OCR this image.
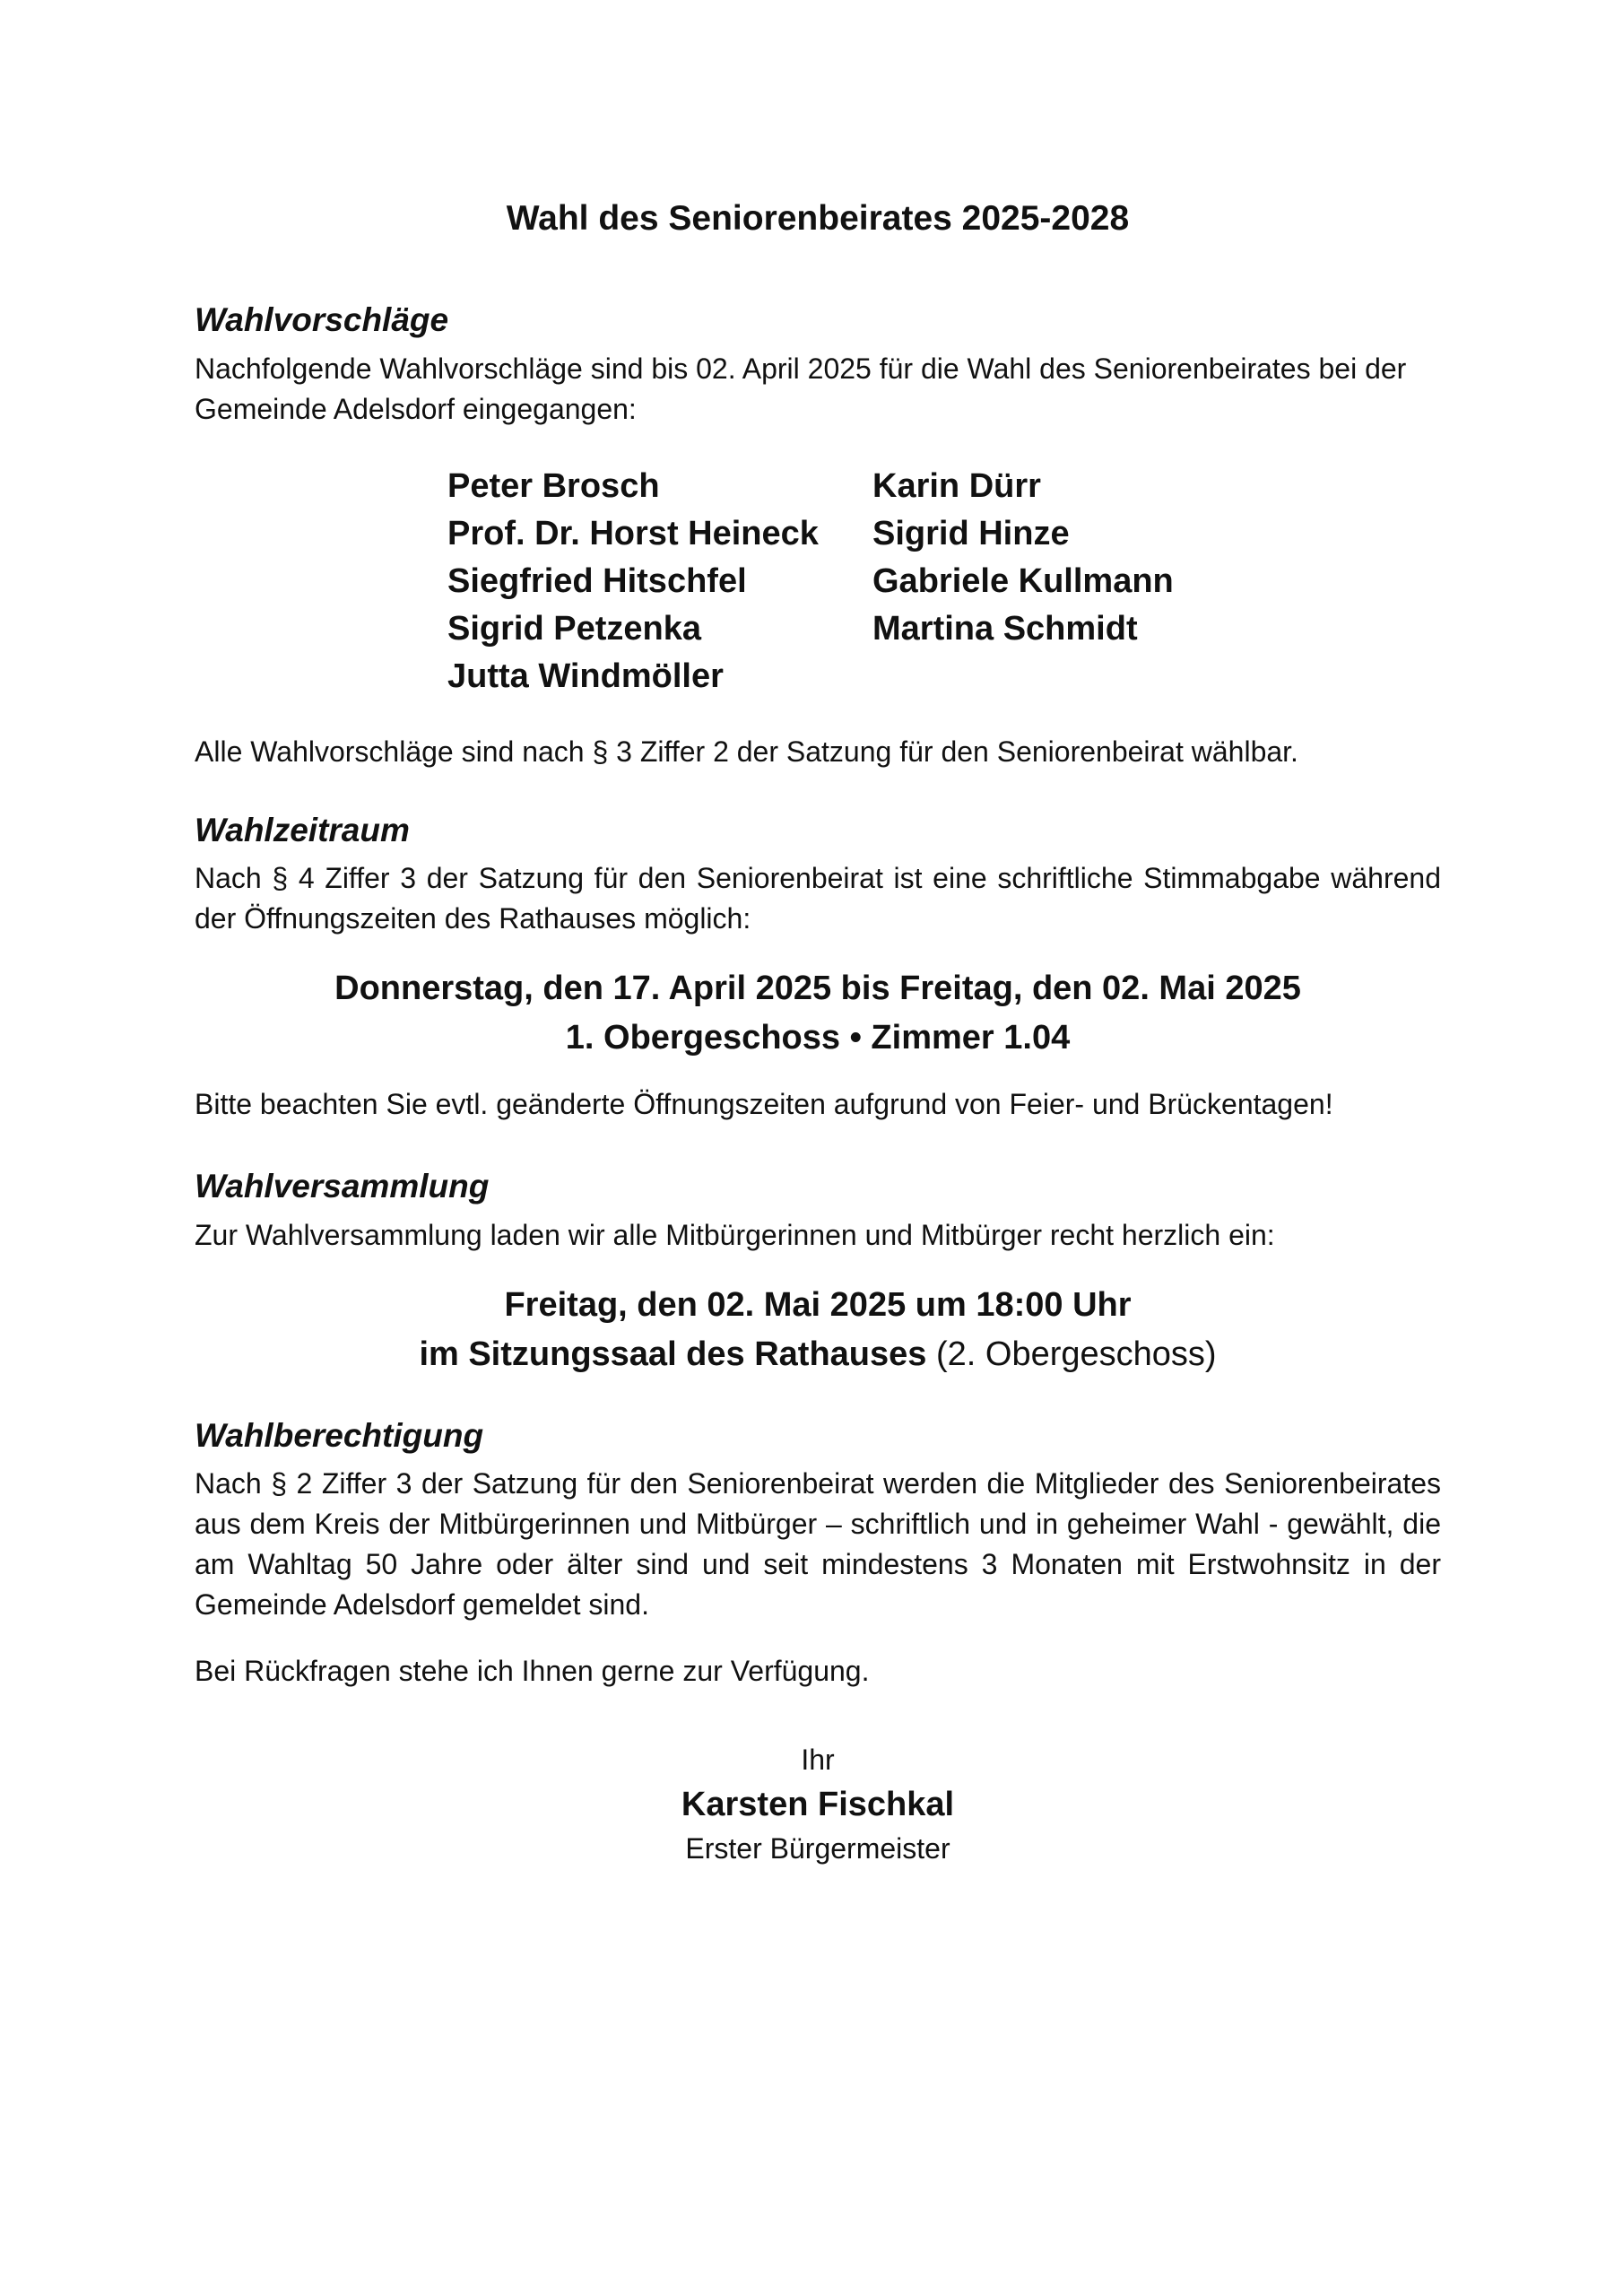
Wahl des Seniorenbeirates 2025-2028
Wahlvorschläge
Nachfolgende Wahlvorschläge sind bis 02. April 2025 für die Wahl des Seniorenbeirates bei der Gemeinde Adelsdorf eingegangen:
Peter Brosch
Prof. Dr. Horst Heineck
Siegfried Hitschfel
Sigrid Petzenka
Jutta Windmöller
Karin Dürr
Sigrid Hinze
Gabriele Kullmann
Martina Schmidt
Alle Wahlvorschläge sind nach § 3 Ziffer 2 der Satzung für den Seniorenbeirat wählbar.
Wahlzeitraum
Nach § 4 Ziffer 3 der Satzung für den Seniorenbeirat ist eine schriftliche Stimmabgabe während der Öffnungszeiten des Rathauses möglich:
Donnerstag, den 17. April 2025 bis Freitag, den 02. Mai 2025
1. Obergeschoss • Zimmer 1.04
Bitte beachten Sie evtl. geänderte Öffnungszeiten aufgrund von Feier- und Brückentagen!
Wahlversammlung
Zur Wahlversammlung laden wir alle Mitbürgerinnen und Mitbürger recht herzlich ein:
Freitag, den 02. Mai 2025 um 18:00 Uhr
im Sitzungssaal des Rathauses (2. Obergeschoss)
Wahlberechtigung
Nach § 2 Ziffer 3 der Satzung für den Seniorenbeirat werden die Mitglieder des Seniorenbeirates aus dem Kreis der Mitbürgerinnen und Mitbürger – schriftlich und in geheimer Wahl - gewählt, die am Wahltag 50 Jahre oder älter sind und seit mindestens 3 Monaten mit Erstwohnsitz in der Gemeinde Adelsdorf gemeldet sind.
Bei Rückfragen stehe ich Ihnen gerne zur Verfügung.
Ihr
Karsten Fischkal
Erster Bürgermeister
